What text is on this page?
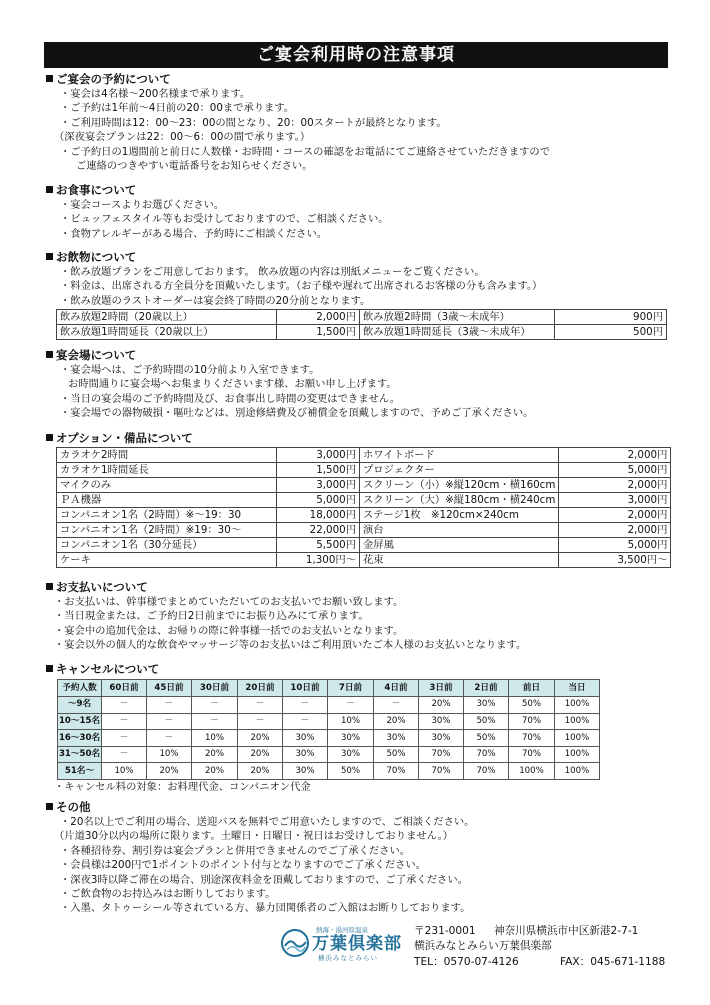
ご宴会利用時の注意事項
ご宴会の予約について
・宴会は4名様～200名様まで承ります。
・ご予約は1年前～4日前の20：00まで承ります。
・ご利用時間は12：00～23：00の間となり、20：00スタートが最終となります。
（深夜宴会プランは22：00～6：00の間で承ります。）
・ご予約日の1週間前と前日に人数様・お時間・コースの確認をお電話にてご連絡させていただきますので
ご連絡のつきやすい電話番号をお知らせください。
お食事について
・宴会コースよりお選びください。
・ビュッフェスタイル等もお受けしておりますので、ご相談ください。
・食物アレルギーがある場合、予約時にご相談ください。
お飲物について
・飲み放題プランをご用意しております。 飲み放題の内容は別紙メニューをご覧ください。
・料金は、出席される方全員分を頂戴いたします。（お子様や遅れて出席されるお客様の分も含みます。）
・飲み放題のラストオーダーは宴会終了時間の20分前となります。
飲み放題2時間（20歳以上）	2,000円	飲み放題2時間（3歳～未成年）	900円
飲み放題1時間延長（20歳以上）	1,500円	飲み放題1時間延長（3歳～未成年）	500円
宴会場について
・宴会場へは、ご予約時間の10分前より入室できます。
お時間通りに宴会場へお集まりくださいます様、お願い申し上げます。
・当日の宴会場のご予約時間及び、お食事出し時間の変更はできません。
・宴会場での器物破損・嘔吐などは、別途修繕費及び補償金を頂戴しますので、予めご了承ください。
オプション・備品について
カラオケ2時間	3,000円	ホワイトボード	2,000円
カラオケ1時間延長	1,500円	プロジェクター	5,000円
マイクのみ	3,000円	スクリーン（小）※縦120cm・横160cm	2,000円
ＰＡ機器	5,000円	スクリーン（大）※縦180cm・横240cm	3,000円
コンパニオン1名（2時間）※～19：30	18,000円	ステージ1枚　※120cm×240cm	2,000円
コンパニオン1名（2時間）※19：30～	22,000円	演台	2,000円
コンパニオン1名（30分延長）	5,500円	金屏風	5,000円
ケーキ	1,300円～	花束	3,500円～
お支払いについて
・お支払いは、幹事様でまとめていただいてのお支払いでお願い致します。
・当日現金または、ご予約日2日前までにお振り込みにて承ります。
・宴会中の追加代金は、お帰りの際に幹事様一括でのお支払いとなります。
・宴会以外の個人的な飲食やマッサージ等のお支払いはご利用頂いたご本人様のお支払いとなります。
キャンセルについて
予約人数	60日前	45日前	30日前	20日前	10日前	7日前	4日前	3日前	2日前	前日	当日
～9名	－	－	－	－	－	－	－	20%	30%	50%	100%
10～15名	－	－	－	－	－	10%	20%	30%	50%	70%	100%
16～30名	－	－	10%	20%	30%	30%	30%	30%	50%	70%	100%
31～50名	－	10%	20%	20%	30%	30%	50%	70%	70%	70%	100%
51名～	10%	20%	20%	20%	30%	50%	70%	70%	70%	100%	100%
・キャンセル料の対象：お料理代金、コンパニオン代金
その他
・20名以上でご利用の場合、送迎バスを無料でご用意いたしますので、ご相談ください。
（片道30分以内の場所に限ります。土曜日・日曜日・祝日はお受けしておりません。）
・各種招待券、割引券は宴会プランと併用できませんのでご了承ください。
・会員様は200円で1ポイントのポイント付与となりますのでご了承ください。
・深夜3時以降ご滞在の場合、別途深夜料金を頂戴しておりますので、ご了承ください。
・ご飲食物のお持込みはお断りしております。
・入墨、タトゥーシール等されている方、暴力団関係者のご入館はお断りしております。
熱海・湯河原温泉
万葉倶楽部
横浜みなとみらい
〒231-0001 神奈川県横浜市中区新港2-7-1
横浜みなとみらい万葉倶楽部
TEL：0570-07-4126	FAX：045-671-1188
